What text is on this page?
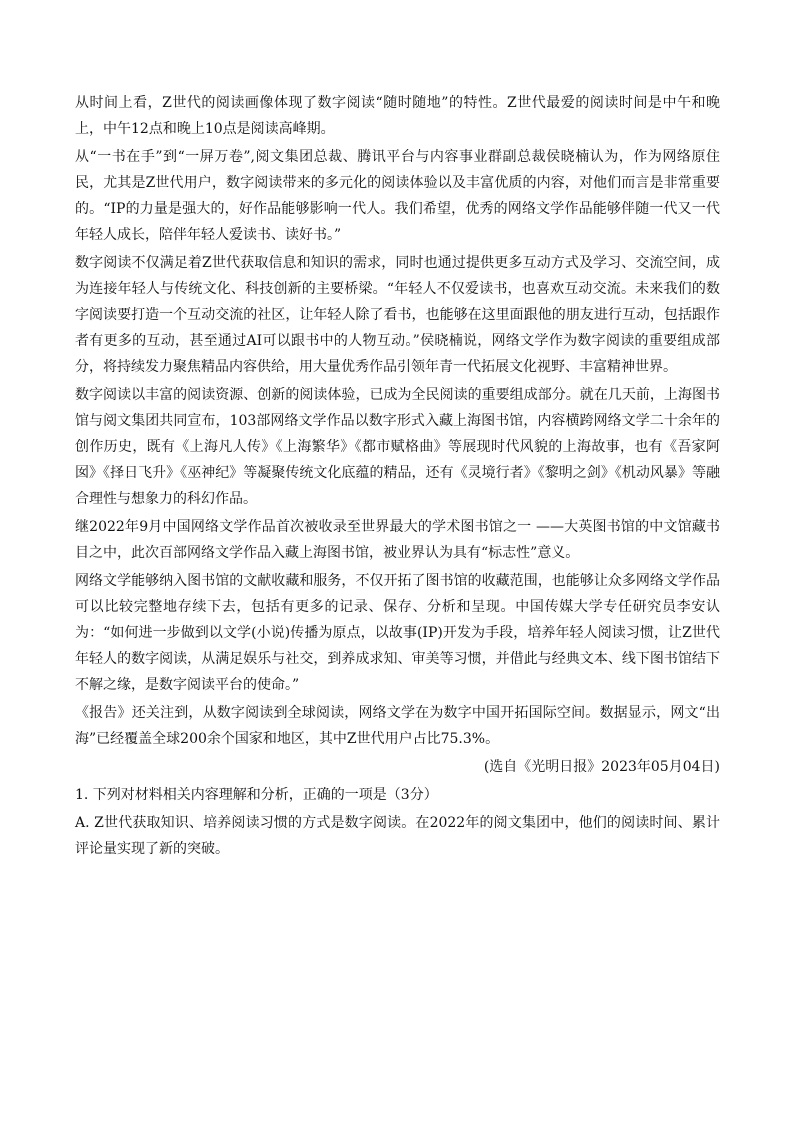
从时间上看，Z世代的阅读画像体现了数字阅读“随时随地”的特性。Z世代最爱的阅读时间是中午和晚上，中午12点和晚上10点是阅读高峰期。

从“一书在手”到“一屏万卷”,阅文集团总裁、腾讯平台与内容事业群副总裁侯晓楠认为，作为网络原住民，尤其是Z世代用户，数字阅读带来的多元化的阅读体验以及丰富优质的内容，对他们而言是非常重要的。“IP的力量是强大的，好作品能够影响一代人。我们希望，优秀的网络文学作品能够伴随一代又一代年轻人成长，陪伴年轻人爱读书、读好书。”

数字阅读不仅满足着Z世代获取信息和知识的需求，同时也通过提供更多互动方式及学习、交流空间，成为连接年轻人与传统文化、科技创新的主要桥梁。“年轻人不仅爱读书，也喜欢互动交流。未来我们的数字阅读要打造一个互动交流的社区，让年轻人除了看书，也能够在这里面跟他的朋友进行互动，包括跟作者有更多的互动，甚至通过AI可以跟书中的人物互动。”侯晓楠说，网络文学作为数字阅读的重要组成部分，将持续发力聚焦精品内容供给，用大量优秀作品引领年青一代拓展文化视野、丰富精神世界。

数字阅读以丰富的阅读资源、创新的阅读体验，已成为全民阅读的重要组成部分。就在几天前，上海图书馆与阅文集团共同宣布，103部网络文学作品以数字形式入藏上海图书馆，内容横跨网络文学二十余年的创作历史，既有《上海凡人传》《上海繁华》《都市赋格曲》等展现时代风貌的上海故事，也有《吾家阿囡》《择日飞升》《巫神纪》等凝聚传统文化底蕴的精品，还有《灵境行者》《黎明之剑》《机动风暴》等融合理性与想象力的科幻作品。

继2022年9月中国网络文学作品首次被收录至世界最大的学术图书馆之一 ——大英图书馆的中文馆藏书目之中，此次百部网络文学作品入藏上海图书馆，被业界认为具有“标志性”意义。

网络文学能够纳入图书馆的文献收藏和服务，不仅开拓了图书馆的收藏范围，也能够让众多网络文学作品可以比较完整地存续下去，包括有更多的记录、保存、分析和呈现。中国传媒大学专任研究员李安认为：“如何进一步做到以文学(小说)传播为原点，以故事(IP)开发为手段，培养年轻人阅读习惯，让Z世代年轻人的数字阅读，从满足娱乐与社交，到养成求知、审美等习惯，并借此与经典文本、线下图书馆结下不解之缘，是数字阅读平台的使命。”

《报告》还关注到，从数字阅读到全球阅读，网络文学在为数字中国开拓国际空间。数据显示，网文“出海”已经覆盖全球200余个国家和地区，其中Z世代用户占比75.3%。

(选自《光明日报》2023年05月04日)

1. 下列对材料相关内容理解和分析，正确的一项是（3分）

A. Z世代获取知识、培养阅读习惯的方式是数字阅读。在2022年的阅文集团中，他们的阅读时间、累计评论量实现了新的突破。
